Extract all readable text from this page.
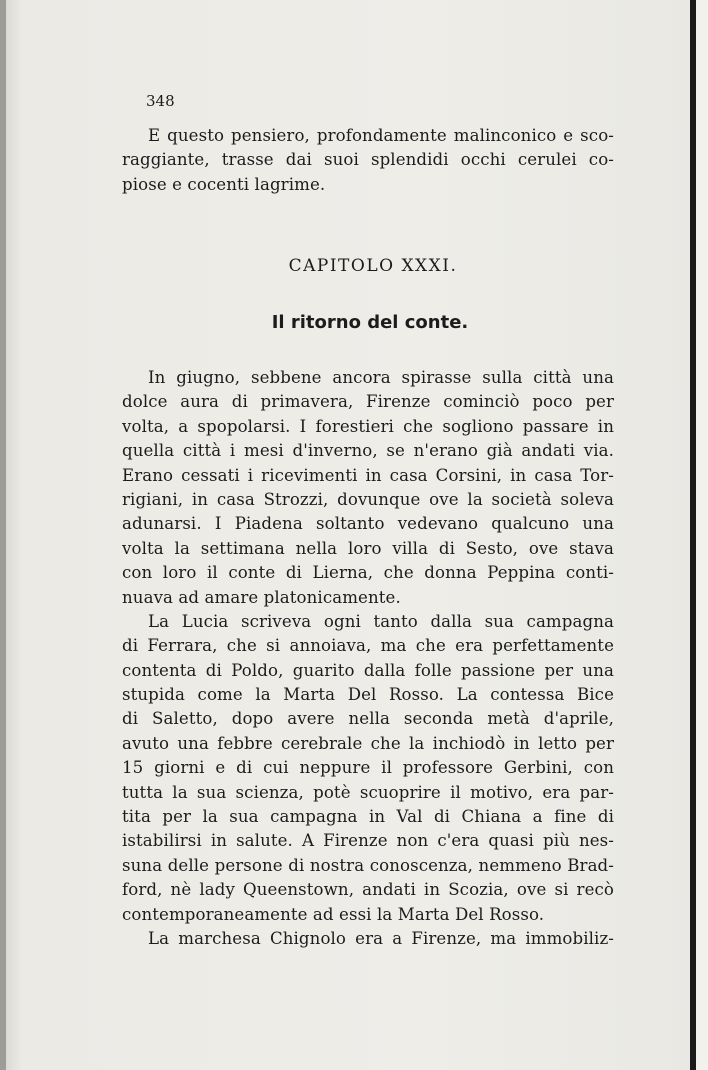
348
E questo pensiero, profondamente malinconico e sco-
raggiante, trasse dai suoi splendidi occhi cerulei co-
piose e cocenti lagrime.
CAPITOLO XXXI.
Il ritorno del conte.
In giugno, sebbene ancora spirasse sulla città una
dolce aura di primavera, Firenze cominciò poco per
volta, a spopolarsi. I forestieri che sogliono passare in
quella città i mesi d'inverno, se n'erano già andati via.
Erano cessati i ricevimenti in casa Corsini, in casa Tor-
rigiani, in casa Strozzi, dovunque ove la società soleva
adunarsi. I Piadena soltanto vedevano qualcuno una
volta la settimana nella loro villa di Sesto, ove stava
con loro il conte di Lierna, che donna Peppina conti-
nuava ad amare platonicamente.
La Lucia scriveva ogni tanto dalla sua campagna
di Ferrara, che si annoiava, ma che era perfettamente
contenta di Poldo, guarito dalla folle passione per una
stupida come la Marta Del Rosso. La contessa Bice
di Saletto, dopo avere nella seconda metà d'aprile,
avuto una febbre cerebrale che la inchiodò in letto per
15 giorni e di cui neppure il professore Gerbini, con
tutta la sua scienza, potè scuoprire il motivo, era par-
tita per la sua campagna in Val di Chiana a fine di
istabilirsi in salute. A Firenze non c'era quasi più nes-
suna delle persone di nostra conoscenza, nemmeno Brad-
ford, nè lady Queenstown, andati in Scozia, ove si recò
contemporaneamente ad essi la Marta Del Rosso.
La marchesa Chignolo era a Firenze, ma immobiliz-
